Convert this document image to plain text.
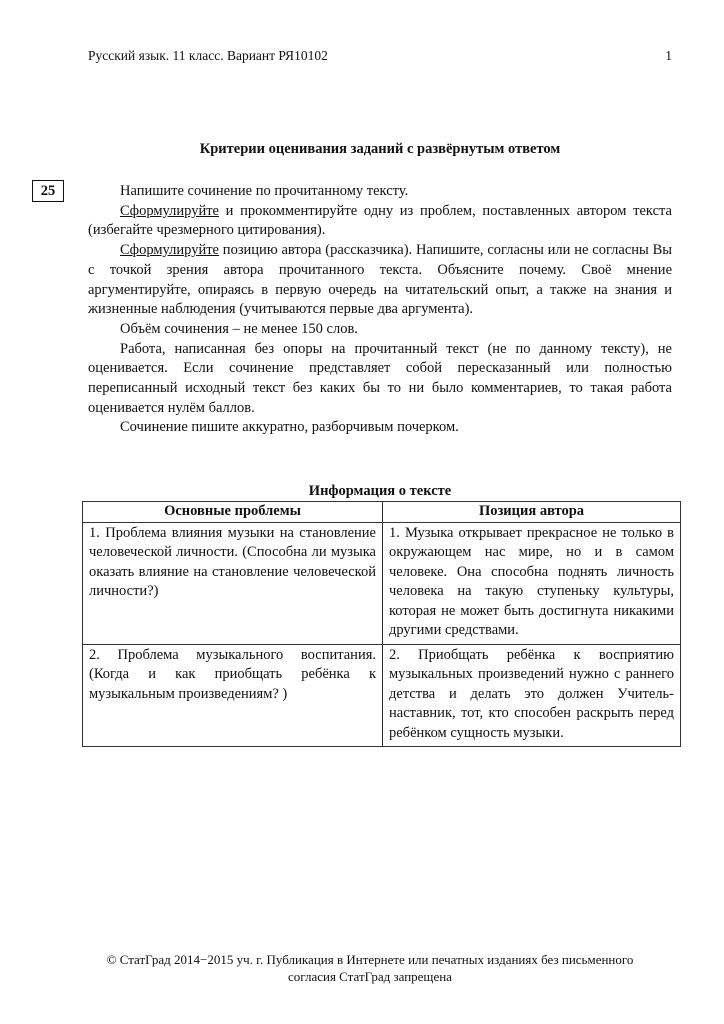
Русский язык. 11 класс. Вариант РЯ10102	1
Критерии оценивания заданий с развёрнутым ответом
25	Напишите сочинение по прочитанному тексту.

Сформулируйте и прокомментируйте одну из проблем, поставленных автором текста (избегайте чрезмерного цитирования).

Сформулируйте позицию автора (рассказчика). Напишите, согласны или не согласны Вы с точкой зрения автора прочитанного текста. Объясните почему. Своё мнение аргументируйте, опираясь в первую очередь на читательский опыт, а также на знания и жизненные наблюдения (учитываются первые два аргумента).

Объём сочинения – не менее 150 слов.

Работа, написанная без опоры на прочитанный текст (не по данному тексту), не оценивается. Если сочинение представляет собой пересказанный или полностью переписанный исходный текст без каких бы то ни было комментариев, то такая работа оценивается нулём баллов.

Сочинение пишите аккуратно, разборчивым почерком.

Информация о тексте
Основные проблемы	Позиция автора
1. Проблема влияния музыки на становление человеческой личности. (Способна ли музыка оказать влияние на становление человеческой личности?)	1. Музыка открывает прекрасное не только в окружающем нас мире, но и в самом человеке. Она способна поднять личность человека на такую ступеньку культуры, которая не может быть достигнута никакими другими средствами.
2. Проблема музыкального воспитания. (Когда и как приобщать ребёнка к музыкальным произведениям? )	2. Приобщать ребёнка к восприятию музыкальных произведений нужно с раннего детства и делать это должен Учитель-наставник, тот, кто способен раскрыть перед ребёнком сущность музыки.
© СтатГрад 2014−2015 уч. г. Публикация в Интернете или печатных изданиях без письменного
согласия СтатГрад запрещена
